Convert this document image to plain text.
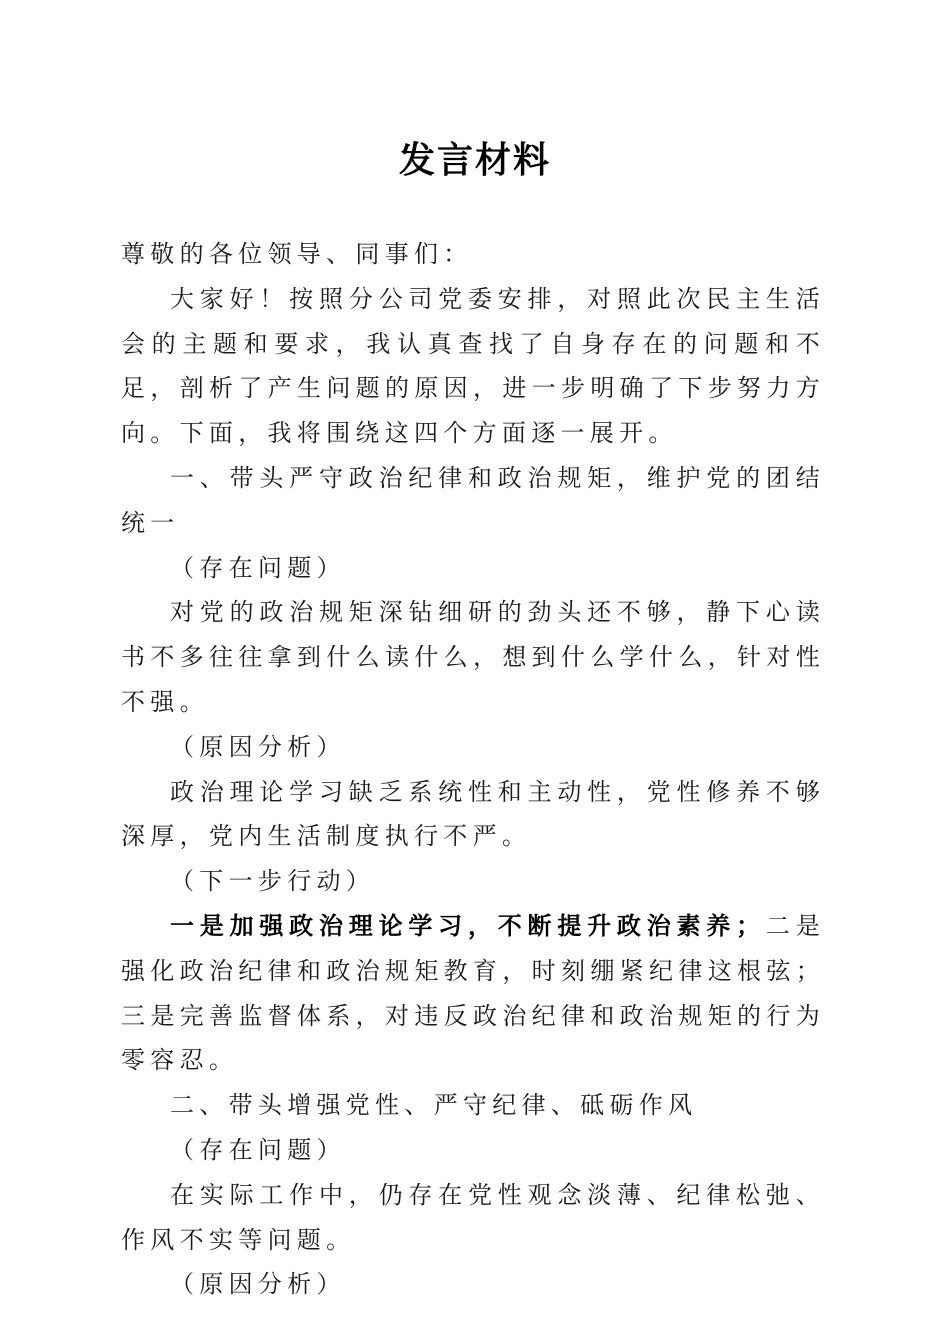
发言材料

尊敬的各位领导、同事们：

大家好！按照分公司党委安排，对照此次民主生活会的主题和要求，我认真查找了自身存在的问题和不足，剖析了产生问题的原因，进一步明确了下步努力方向。下面，我将围绕这四个方面逐一展开。

一、带头严守政治纪律和政治规矩，维护党的团结统一

（存在问题）

对党的政治规矩深钻细研的劲头还不够，静下心读书不多往往拿到什么读什么，想到什么学什么，针对性不强。

（原因分析）

政治理论学习缺乏系统性和主动性，党性修养不够深厚，党内生活制度执行不严。

（下一步行动）

一是加强政治理论学习，不断提升政治素养；二是强化政治纪律和政治规矩教育，时刻绷紧纪律这根弦；三是完善监督体系，对违反政治纪律和政治规矩的行为零容忍。

二、带头增强党性、严守纪律、砥砺作风

（存在问题）

在实际工作中，仍存在党性观念淡薄、纪律松弛、作风不实等问题。

（原因分析）
